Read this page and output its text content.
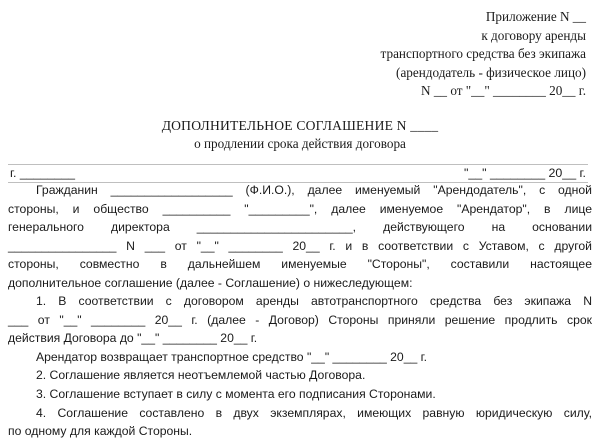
Приложение N __
к договору аренды
транспортного средства без экипажа
(арендодатель - физическое лицо)
N __ от "__" ________ 20__ г.
ДОПОЛНИТЕЛЬНОЕ СОГЛАШЕНИЕ N ____
о продлении срока действия договора
г. ________	"__" ________ 20__ г.
Гражданин __________________ (Ф.И.О.), далее именуемый "Арендодатель", с одной
стороны, и общество __________ "_________", далее именуемое "Арендатор", в лице
генерального директора _______________________, действующего на основании
________________ N ___ от "__" ________ 20__ г. и в соответствии с Уставом, с другой
стороны, совместно в дальнейшем именуемые "Стороны", составили настоящее
дополнительное соглашение (далее - Соглашение) о нижеследующем:
1. В соответствии с договором аренды автотранспортного средства без экипажа N
___ от "__" ________ 20__ г. (далее - Договор) Стороны приняли решение продлить срок
действия Договора до "__" ________ 20__ г.
Арендатор возвращает транспортное средство "__" ________ 20__ г.
2. Соглашение является неотъемлемой частью Договора.
3. Соглашение вступает в силу с момента его подписания Сторонами.
4. Соглашение составлено в двух экземплярах, имеющих равную юридическую силу,
по одному для каждой Стороны.
